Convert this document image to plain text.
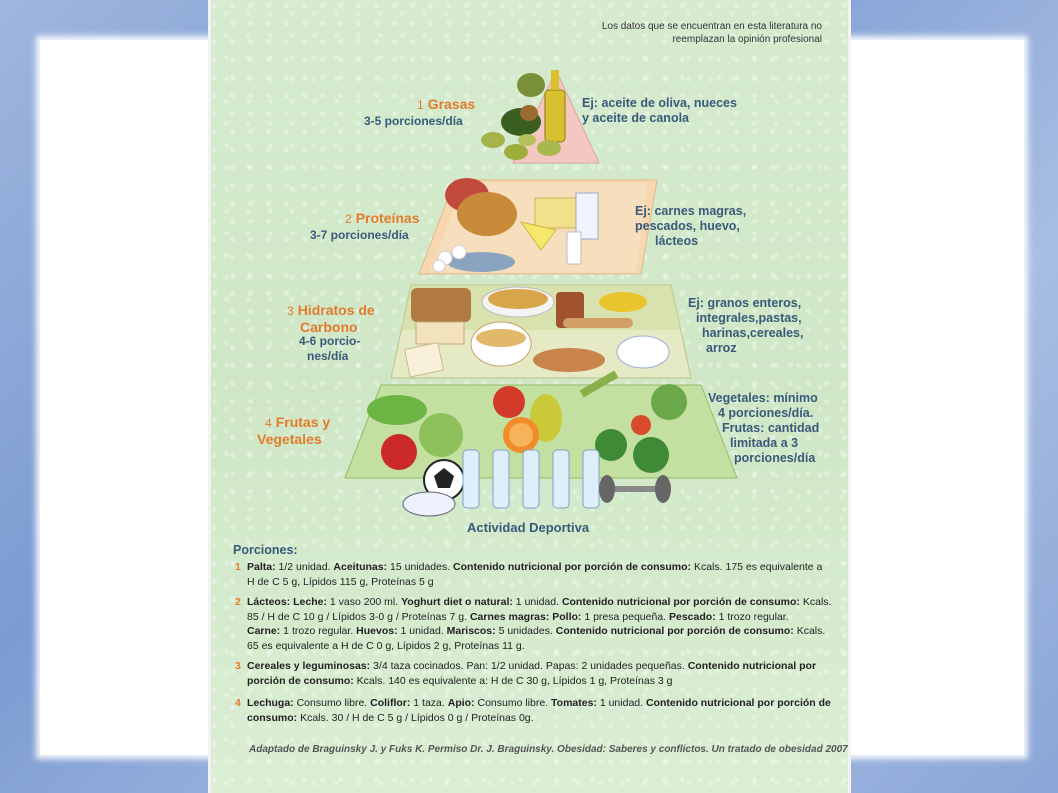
Los datos que se encuentran en esta literatura no reemplazan la opinión profesional
1 Grasas
3-5 porciones/día
Ej: aceite de oliva, nueces
y aceite de canola
2 Proteínas
3-7 porciones/día
Ej: carnes magras,
pescados, huevo,
lácteos
3 Hidratos de
Carbono
4-6 porcio-
nes/día
Ej: granos enteros,
integrales,pastas,
harinas,cereales,
arroz
4 Frutas y
Vegetales
Vegetales: mínimo
4 porciones/día.
Frutas: cantidad
limitada a 3
porciones/día
Actividad Deportiva
Porciones:
1 Palta: 1/2 unidad. Aceitunas: 15 unidades. Contenido nutricional por porción de consumo: Kcals. 175 es equivalente a
H de C 5 g, Lípidos 115 g, Proteínas 5 g
2 Lácteos: Leche: 1 vaso 200 ml. Yoghurt diet o natural: 1 unidad. Contenido nutricional por porción de consumo: Kcals.
85 / H de C 10 g / Lípidos 3-0 g / Proteínas 7 g. Carnes magras: Pollo: 1 presa pequeña. Pescado: 1 trozo regular.
Carne: 1 trozo regular. Huevos: 1 unidad. Mariscos: 5 unidades. Contenido nutricional por porción de consumo: Kcals.
65 es equivalente a H de C 0 g, Lípidos 2 g, Proteínas 11 g.
3 Cereales y leguminosas: 3/4 taza cocinados. Pan: 1/2 unidad. Papas: 2 unidades pequeñas. Contenido nutricional por
porción de consumo: Kcals. 140 es equivalente a: H de C 30 g, Lípidos 1 g, Proteínas 3 g
4 Lechuga: Consumo libre. Coliflor: 1 taza. Apio: Consumo libre. Tomates: 1 unidad. Contenido nutricional por porción de
consumo: Kcals. 30 / H de C 5 g / Lípidos 0 g / Proteínas 0g.
Adaptado de Braguinsky J. y Fuks K. Permiso Dr. J. Braguinsky. Obesidad: Saberes y conflictos. Un tratado de obesidad 2007
